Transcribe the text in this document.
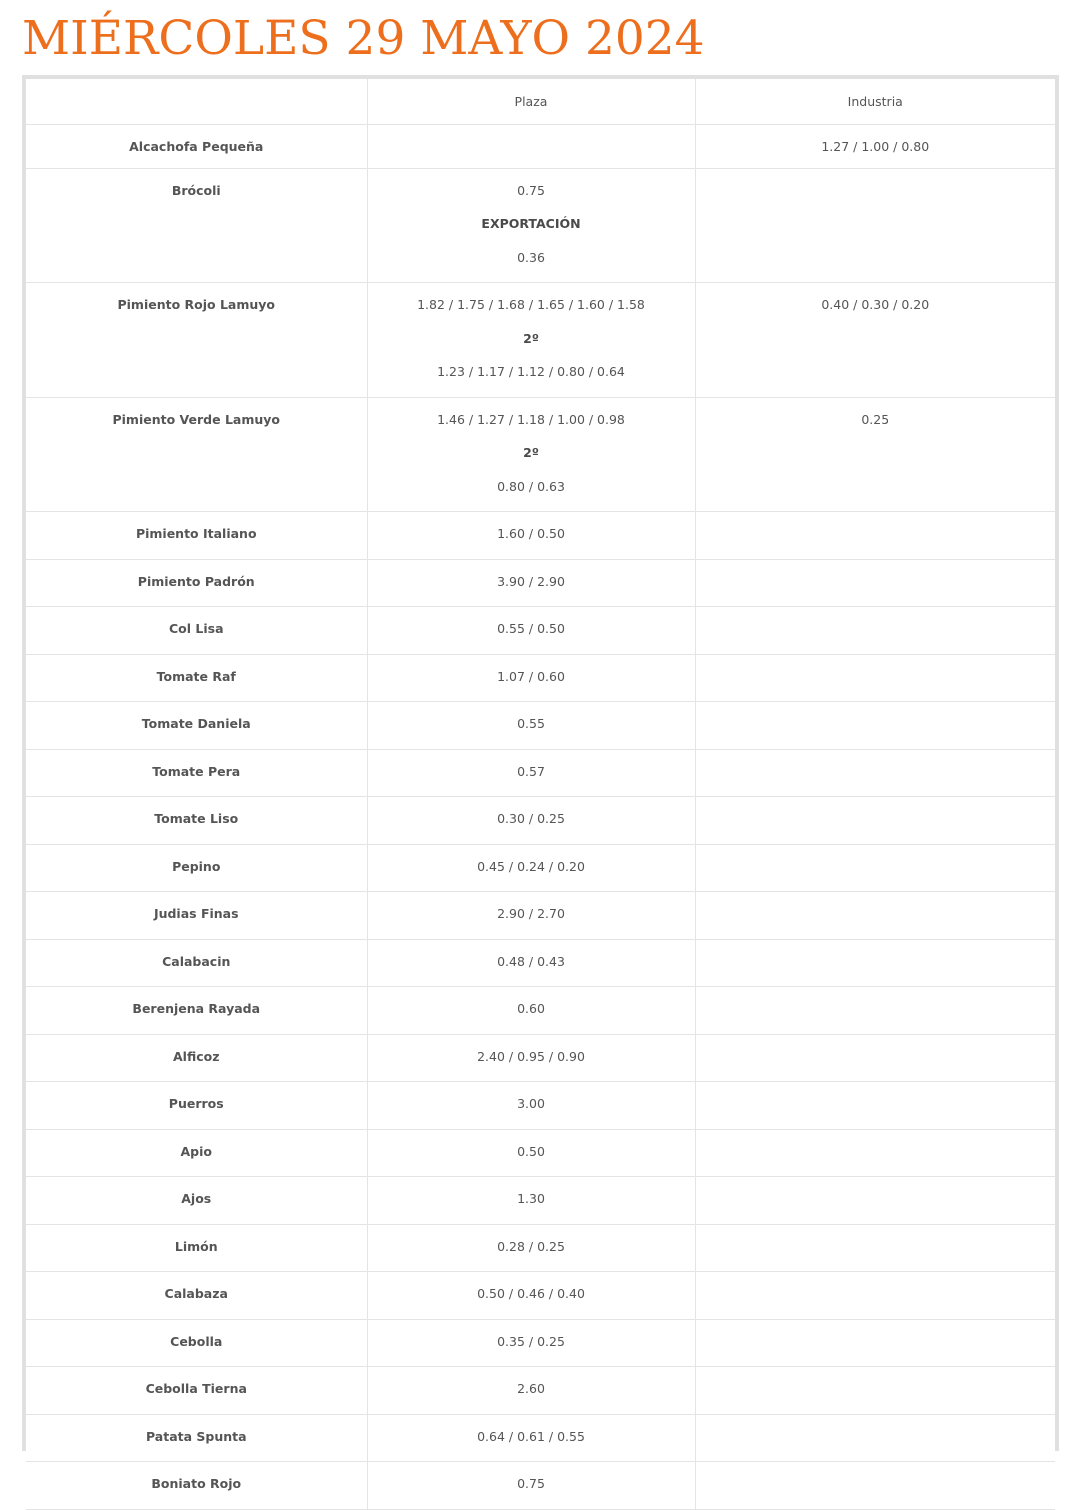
MIÉRCOLES 29 MAYO 2024
	Plaza	Industria
Alcachofa Pequeña		1.27 / 1.00 / 0.80
Brócoli	0.75
EXPORTACIÓN
0.36	

Pimiento Rojo Lamuyo	1.82 / 1.75 / 1.68 / 1.65 / 1.60 / 1.58
2º
1.23 / 1.17 / 1.12 / 0.80 / 0.64	0.40 / 0.30 / 0.20
Pimiento Verde Lamuyo	1.46 / 1.27 / 1.18 / 1.00 / 0.98
2º
0.80 / 0.63	0.25
Pimiento Italiano	1.60 / 0.50	

Pimiento Padrón	3.90 / 2.90	

Col Lisa	0.55 / 0.50	

Tomate Raf	1.07 / 0.60	

Tomate Daniela	0.55	

Tomate Pera	0.57	

Tomate Liso	0.30 / 0.25	

Pepino	0.45 / 0.24 / 0.20	

Judias Finas	2.90 / 2.70	

Calabacin	0.48 / 0.43	

Berenjena Rayada	0.60	

Alficoz	2.40 / 0.95 / 0.90	

Puerros	3.00	

Apio	0.50	

Ajos	1.30	

Limón	0.28 / 0.25	

Calabaza	0.50 / 0.46 / 0.40	

Cebolla	0.35 / 0.25	

Cebolla Tierna	2.60	

Patata Spunta	0.64 / 0.61 / 0.55	

Boniato Rojo	0.75	
